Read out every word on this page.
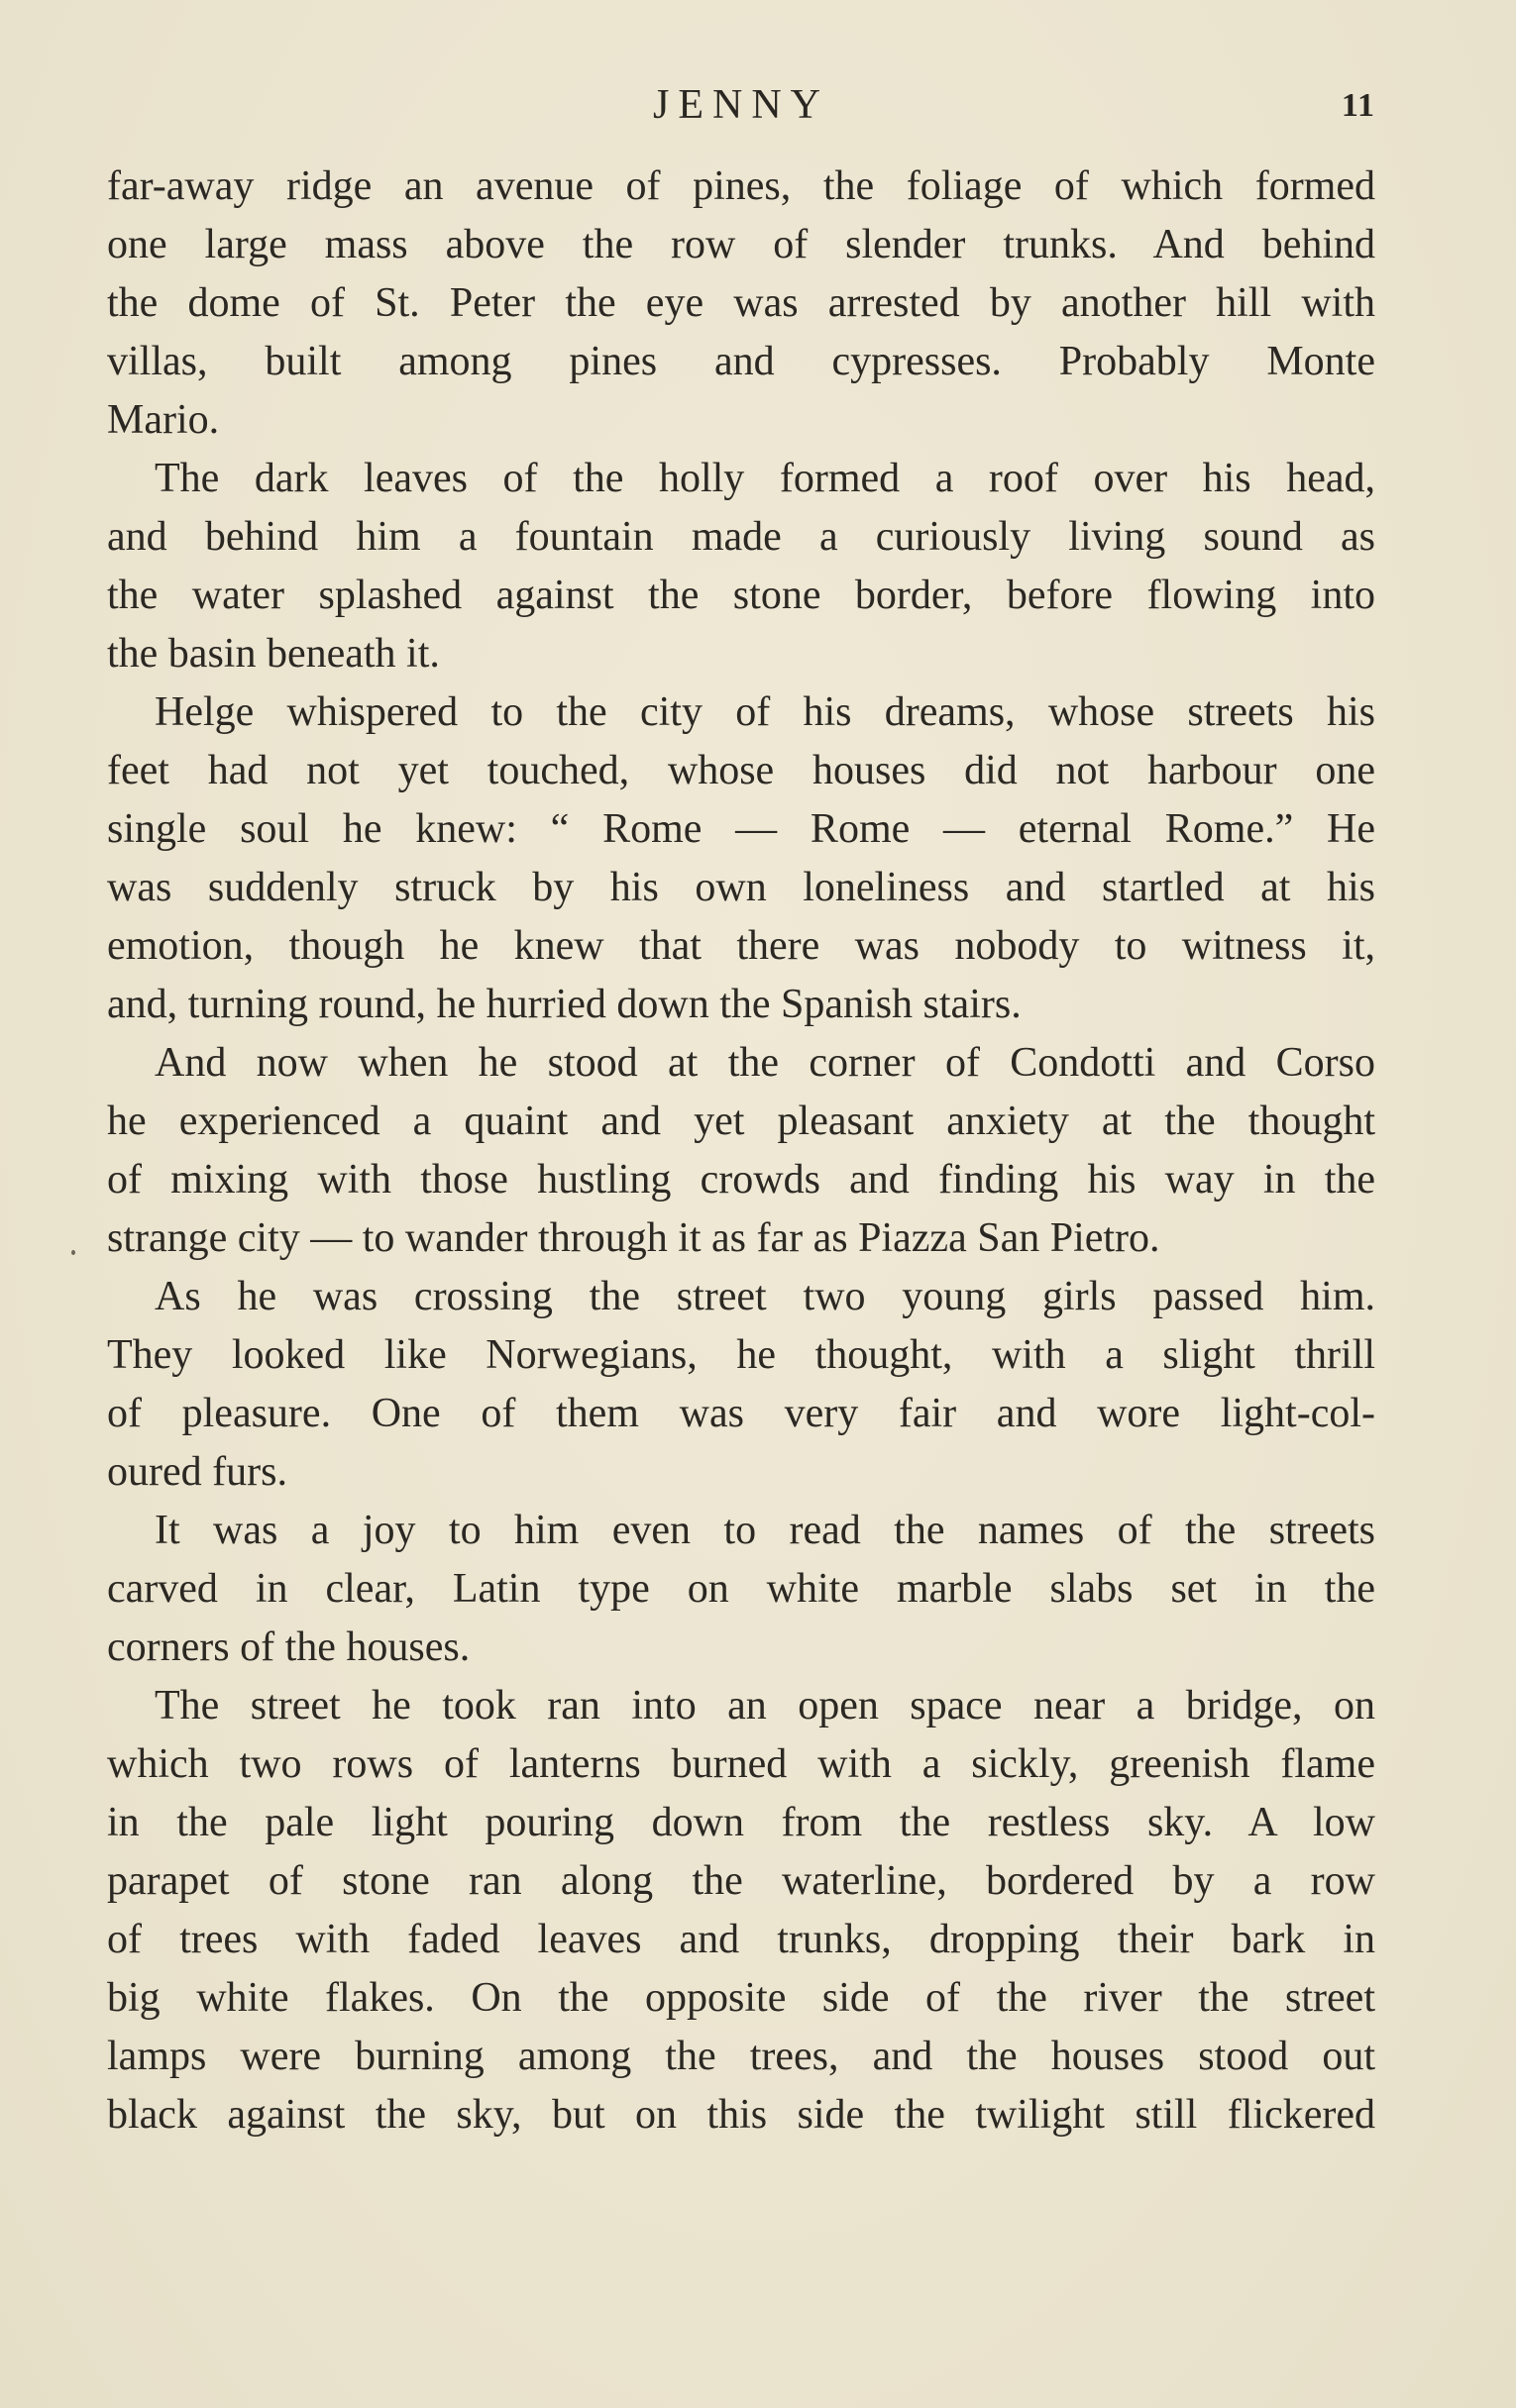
JENNY	11
far-away ridge an avenue of pines, the foliage of which formed
one large mass above the row of slender trunks. And behind
the dome of St. Peter the eye was arrested by another hill with
villas, built among pines and cypresses. Probably Monte
Mario.
The dark leaves of the holly formed a roof over his head,
and behind him a fountain made a curiously living sound as
the water splashed against the stone border, before flowing into
the basin beneath it.
Helge whispered to the city of his dreams, whose streets his
feet had not yet touched, whose houses did not harbour one
single soul he knew: “ Rome — Rome — eternal Rome.” He
was suddenly struck by his own loneliness and startled at his
emotion, though he knew that there was nobody to witness it,
and, turning round, he hurried down the Spanish stairs.
And now when he stood at the corner of Condotti and Corso
he experienced a quaint and yet pleasant anxiety at the thought
of mixing with those hustling crowds and finding his way in the
strange city — to wander through it as far as Piazza San Pietro.
As he was crossing the street two young girls passed him.
They looked like Norwegians, he thought, with a slight thrill
of pleasure. One of them was very fair and wore light-col-
oured furs.
It was a joy to him even to read the names of the streets
carved in clear, Latin type on white marble slabs set in the
corners of the houses.
The street he took ran into an open space near a bridge, on
which two rows of lanterns burned with a sickly, greenish flame
in the pale light pouring down from the restless sky. A low
parapet of stone ran along the waterline, bordered by a row
of trees with faded leaves and trunks, dropping their bark in
big white flakes. On the opposite side of the river the street
lamps were burning among the trees, and the houses stood out
black against the sky, but on this side the twilight still flickered
